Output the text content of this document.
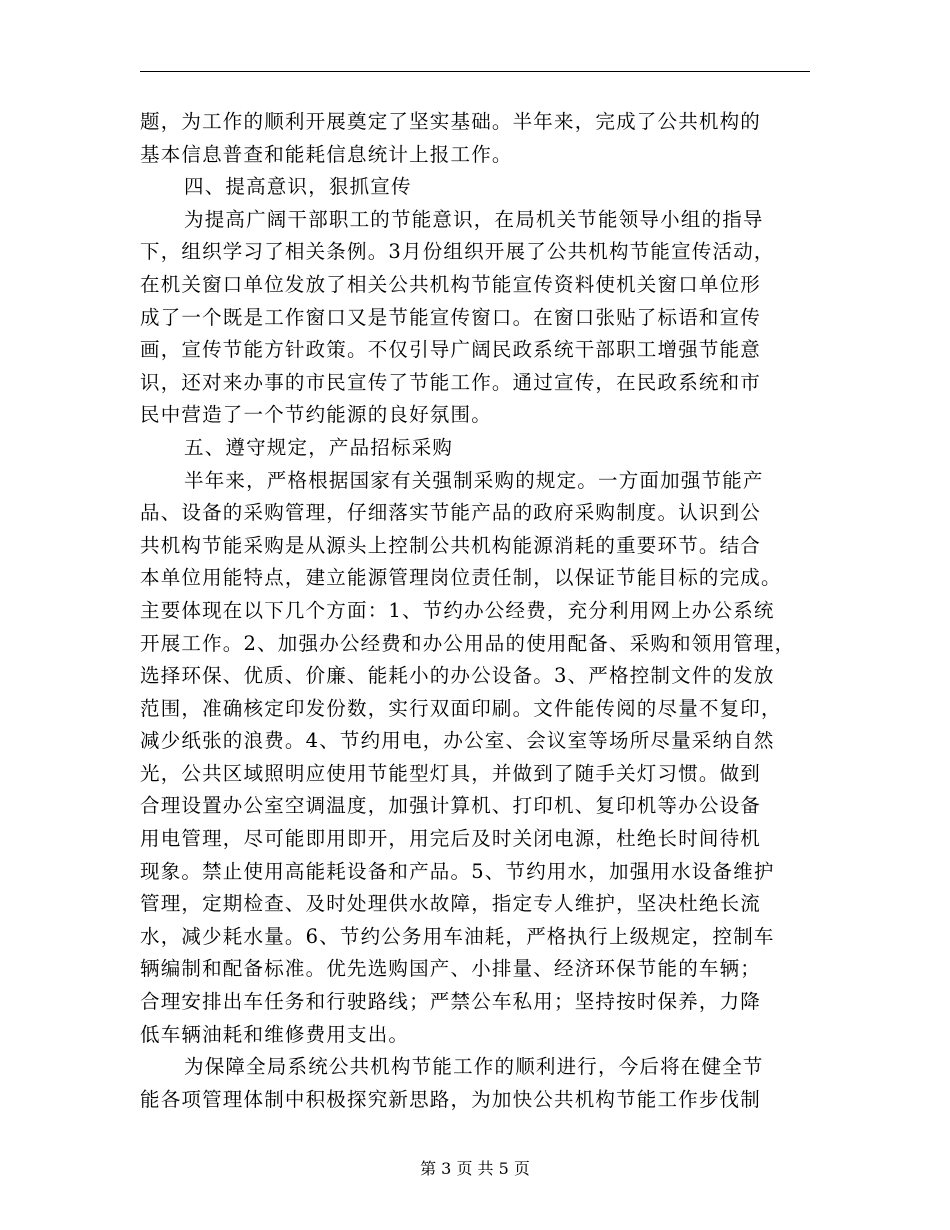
题，为工作的顺利开展奠定了坚实基础。半年来，完成了公共机构的
基本信息普查和能耗信息统计上报工作。
四、提高意识，狠抓宣传
为提高广阔干部职工的节能意识，在局机关节能领导小组的指导
下，组织学习了相关条例。3月份组织开展了公共机构节能宣传活动，
在机关窗口单位发放了相关公共机构节能宣传资料使机关窗口单位形
成了一个既是工作窗口又是节能宣传窗口。在窗口张贴了标语和宣传
画，宣传节能方针政策。不仅引导广阔民政系统干部职工增强节能意
识，还对来办事的市民宣传了节能工作。通过宣传，在民政系统和市
民中营造了一个节约能源的良好氛围。
五、遵守规定，产品招标采购
半年来，严格根据国家有关强制采购的规定。一方面加强节能产
品、设备的采购管理，仔细落实节能产品的政府采购制度。认识到公
共机构节能采购是从源头上控制公共机构能源消耗的重要环节。结合
本单位用能特点，建立能源管理岗位责任制，以保证节能目标的完成。
主要体现在以下几个方面：1、节约办公经费，充分利用网上办公系统
开展工作。2、加强办公经费和办公用品的使用配备、采购和领用管理，
选择环保、优质、价廉、能耗小的办公设备。3、严格控制文件的发放
范围，准确核定印发份数，实行双面印刷。文件能传阅的尽量不复印，
减少纸张的浪费。4、节约用电，办公室、会议室等场所尽量采纳自然
光，公共区域照明应使用节能型灯具，并做到了随手关灯习惯。做到
合理设置办公室空调温度，加强计算机、打印机、复印机等办公设备
用电管理，尽可能即用即开，用完后及时关闭电源，杜绝长时间待机
现象。禁止使用高能耗设备和产品。5、节约用水，加强用水设备维护
管理，定期检查、及时处理供水故障，指定专人维护，坚决杜绝长流
水，减少耗水量。6、节约公务用车油耗，严格执行上级规定，控制车
辆编制和配备标准。优先选购国产、小排量、经济环保节能的车辆；
合理安排出车任务和行驶路线；严禁公车私用；坚持按时保养，力降
低车辆油耗和维修费用支出。
为保障全局系统公共机构节能工作的顺利进行，今后将在健全节
能各项管理体制中积极探究新思路，为加快公共机构节能工作步伐制
第 3 页 共 5 页
